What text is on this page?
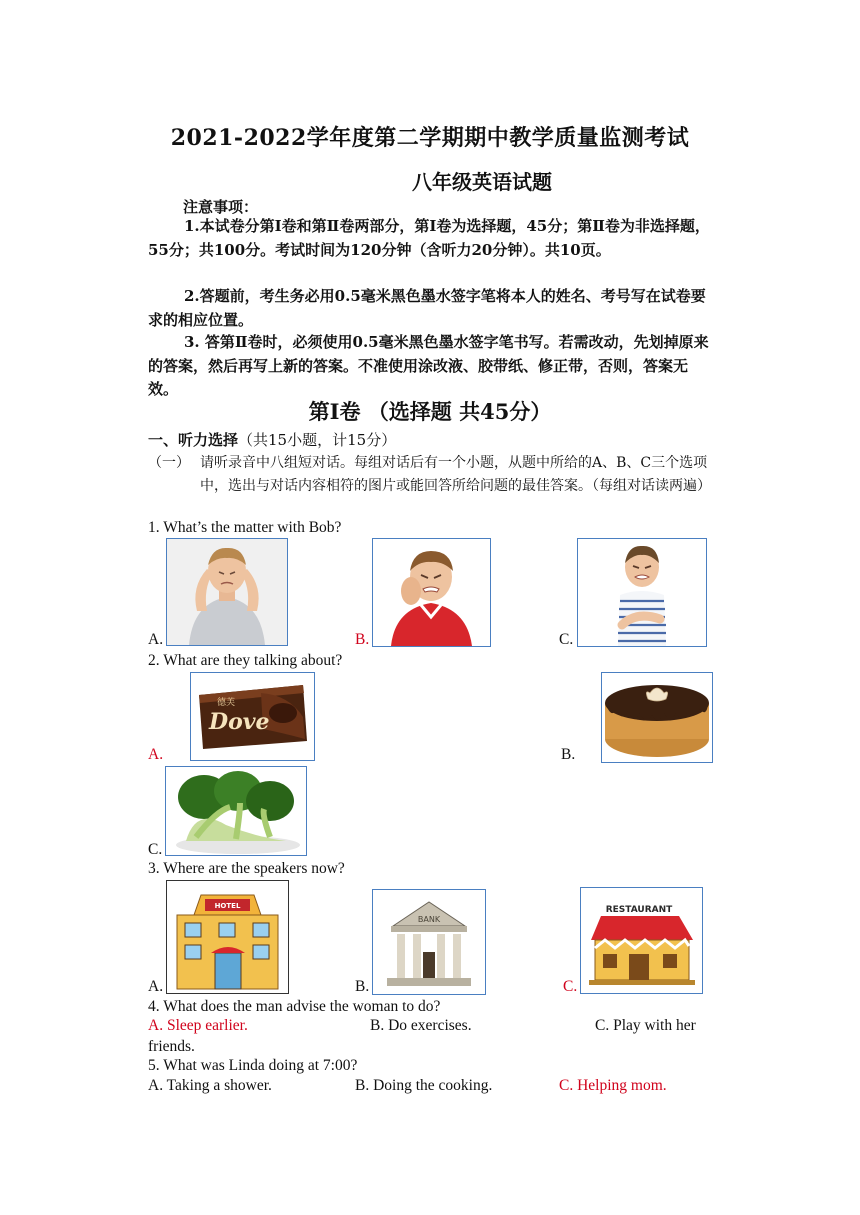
2021-2022学年度第二学期期中教学质量监测考试
八年级英语试题
注意事项：
1.本试卷分第Ⅰ卷和第Ⅱ卷两部分，第Ⅰ卷为选择题，45分；第Ⅱ卷为非选择题，55分；共100分。考试时间为120分钟（含听力20分钟）。共10页。
2.答题前，考生务必用0.5毫米黑色墨水签字笔将本人的姓名、考号写在试卷要求的相应位置。
3. 答第Ⅱ卷时，必须使用0.5毫米黑色墨水签字笔书写。若需改动，先划掉原来的答案，然后再写上新的答案。不准使用涂改液、胶带纸、修正带，否则，答案无效。
第Ⅰ卷 （选择题 共45分）
一、听力选择（共15小题，计15分）
（一） 请听录音中八组短对话。每组对话后有一个小题，从题中所给的A、B、C三个选项中，选出与对话内容相符的图片或能回答所给问题的最佳答案。（每组对话读两遍）
1. What’s the matter with Bob?
A.	B.	C.
2. What are they talking about?
A.
德芙
Dove
B.
C.
3. Where are the speakers now?
A.
HOTEL
B.
BANK
C.
RESTAURANT
4. What does the man advise the woman to do?
A. Sleep earlier.	B. Do exercises.	C. Play with her
friends.
5. What was Linda doing at 7:00?
A. Taking a shower.	B. Doing the cooking.	C. Helping mom.
